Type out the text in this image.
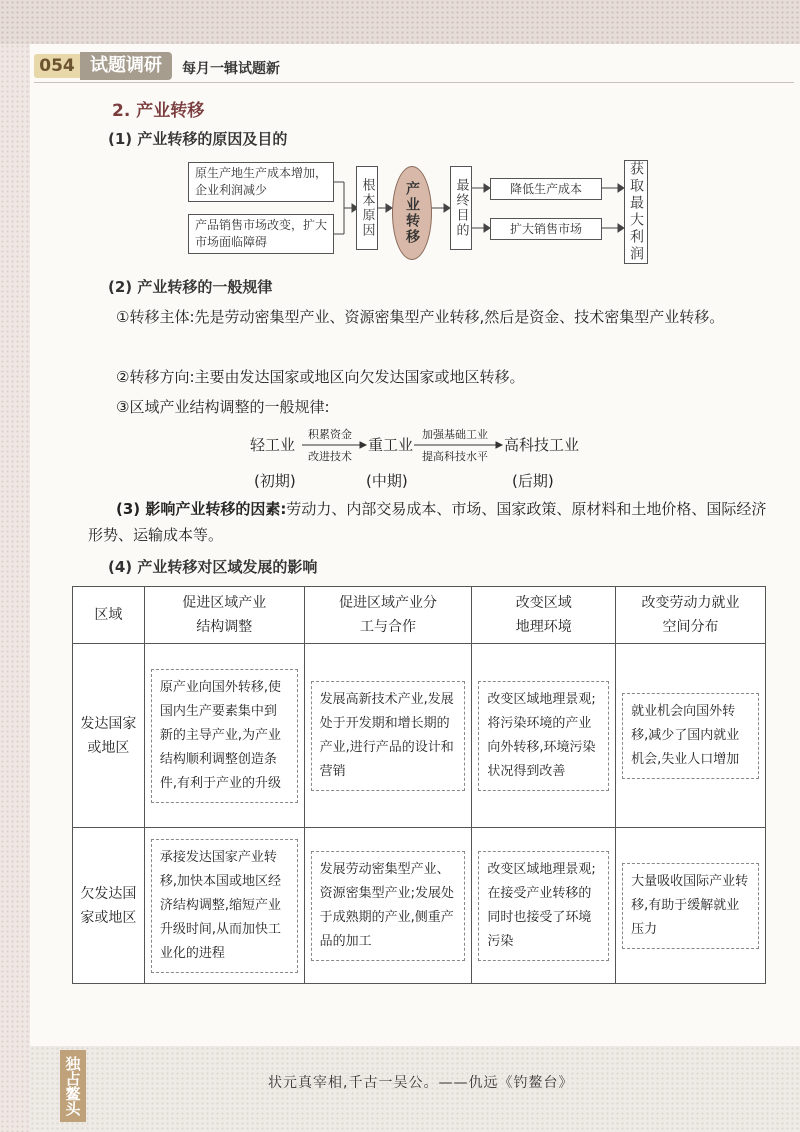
054 试题调研	每月一辑试题新
2. 产业转移
(1) 产业转移的原因及目的
原生产地生产成本增加，企业利润减少
产品销售市场改变，扩大市场面临障碍
根本原因	产业转移	最终目的	降低生产成本
扩大销售市场	获取最大利润
(2) 产业转移的一般规律
①转移主体:先是劳动密集型产业、资源密集型产业转移,然后是资金、技术密集型产业转移。
②转移方向:主要由发达国家或地区向欠发达国家或地区转移。
③区域产业结构调整的一般规律:
轻工业
积累资金
改进技术
重工业
加强基础工业
提高科技水平
高科技工业
(初期)	(中期)	(后期)
(3) 影响产业转移的因素:劳动力、内部交易成本、市场、国家政策、原材料和土地价格、国际经济形势、运输成本等。
(4) 产业转移对区域发展的影响
区域	促进区域产业结构调整	促进区域产业分工与合作	改变区域地理环境	改变劳动力就业空间分布

发达国家或地区	原产业向国外转移,使国内生产要素集中到新的主导产业,为产业结构顺利调整创造条件,有利于产业的升级	发展高新技术产业,发展处于开发期和增长期的产业,进行产品的设计和营销	改变区域地理景观;将污染环境的产业向外转移,环境污染状况得到改善	就业机会向国外转移,减少了国内就业机会,失业人口增加

欠发达国家或地区	承接发达国家产业转移,加快本国或地区经济结构调整,缩短产业升级时间,从而加快工业化的进程	发展劳动密集型产业、资源密集型产业;发展处于成熟期的产业,侧重产品的加工	改变区域地理景观;在接受产业转移的同时也接受了环境污染	大量吸收国际产业转移,有助于缓解就业压力
独占鳌头	状元真宰相,千古一吴公。——仇远《钓鳌台》
